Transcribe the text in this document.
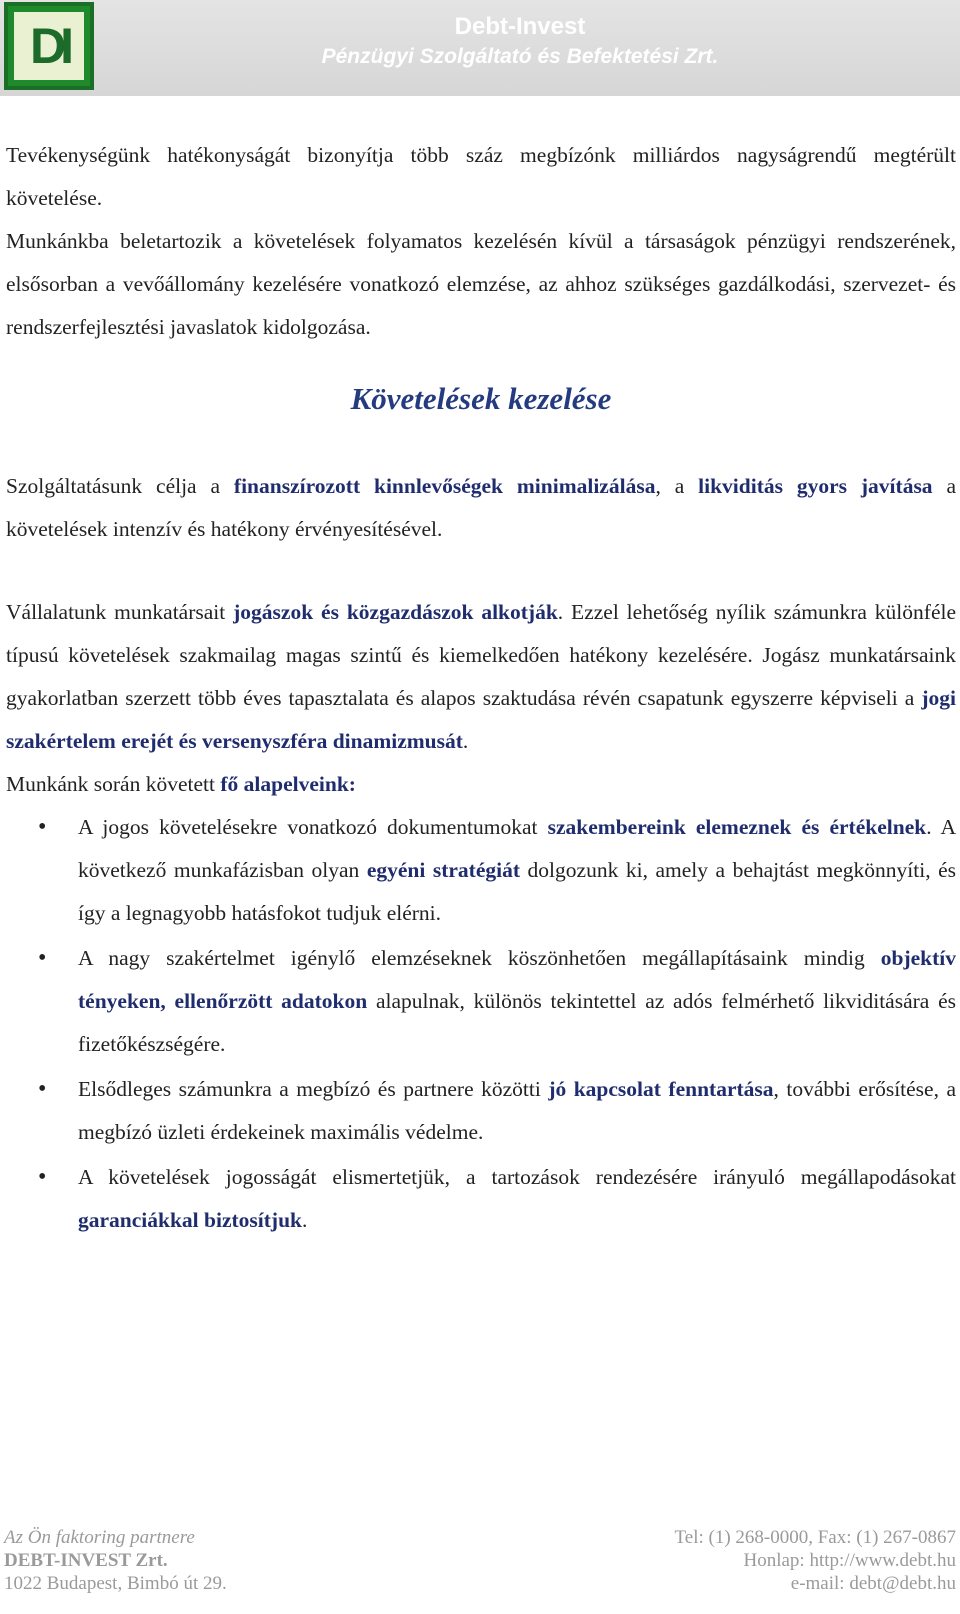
DI	Debt-Invest
Pénzügyi Szolgáltató és Befektetési Zrt.

Tevékenységünk hatékonyságát bizonyítja több száz megbízónk milliárdos nagyságrendű megtérült követelése.

Munkánkba beletartozik a követelések folyamatos kezelésén kívül a társaságok pénzügyi rendszerének, elsősorban a vevőállomány kezelésére vonatkozó elemzése, az ahhoz szükséges gazdálkodási, szervezet- és rendszerfejlesztési javaslatok kidolgozása.

Követelések kezelése

Szolgáltatásunk célja a finanszírozott kinnlevőségek minimalizálása, a likviditás gyors javítása a követelések intenzív és hatékony érvényesítésével.

Vállalatunk munkatársait jogászok és közgazdászok alkotják. Ezzel lehetőség nyílik számunkra különféle típusú követelések szakmailag magas szintű és kiemelkedően hatékony kezelésére. Jogász munkatársaink gyakorlatban szerzett több éves tapasztalata és alapos szaktudása révén csapatunk egyszerre képviseli a jogi szakértelem erejét és versenyszféra dinamizmusát.

Munkánk során követett fő alapelveink:

• A jogos követelésekre vonatkozó dokumentumokat szakembereink elemeznek és értékelnek. A következő munkafázisban olyan egyéni stratégiát dolgozunk ki, amely a behajtást megkönnyíti, és így a legnagyobb hatásfokot tudjuk elérni.
• A nagy szakértelmet igénylő elemzéseknek köszönhetően megállapításaink mindig objektív tényeken, ellenőrzött adatokon alapulnak, különös tekintettel az adós felmérhető likviditására és fizetőkészségére.
• Elsődleges számunkra a megbízó és partnere közötti jó kapcsolat fenntartása, további erősítése, a megbízó üzleti érdekeinek maximális védelme.
• A követelések jogosságát elismertetjük, a tartozások rendezésére irányuló megállapodásokat garanciákkal biztosítjuk.
Az Ön faktoring partnere
DEBT-INVEST Zrt.
1022 Budapest, Bimbó út 29.
Tel: (1) 268-0000, Fax: (1) 267-0867
Honlap: http://www.debt.hu
e-mail: debt@debt.hu
